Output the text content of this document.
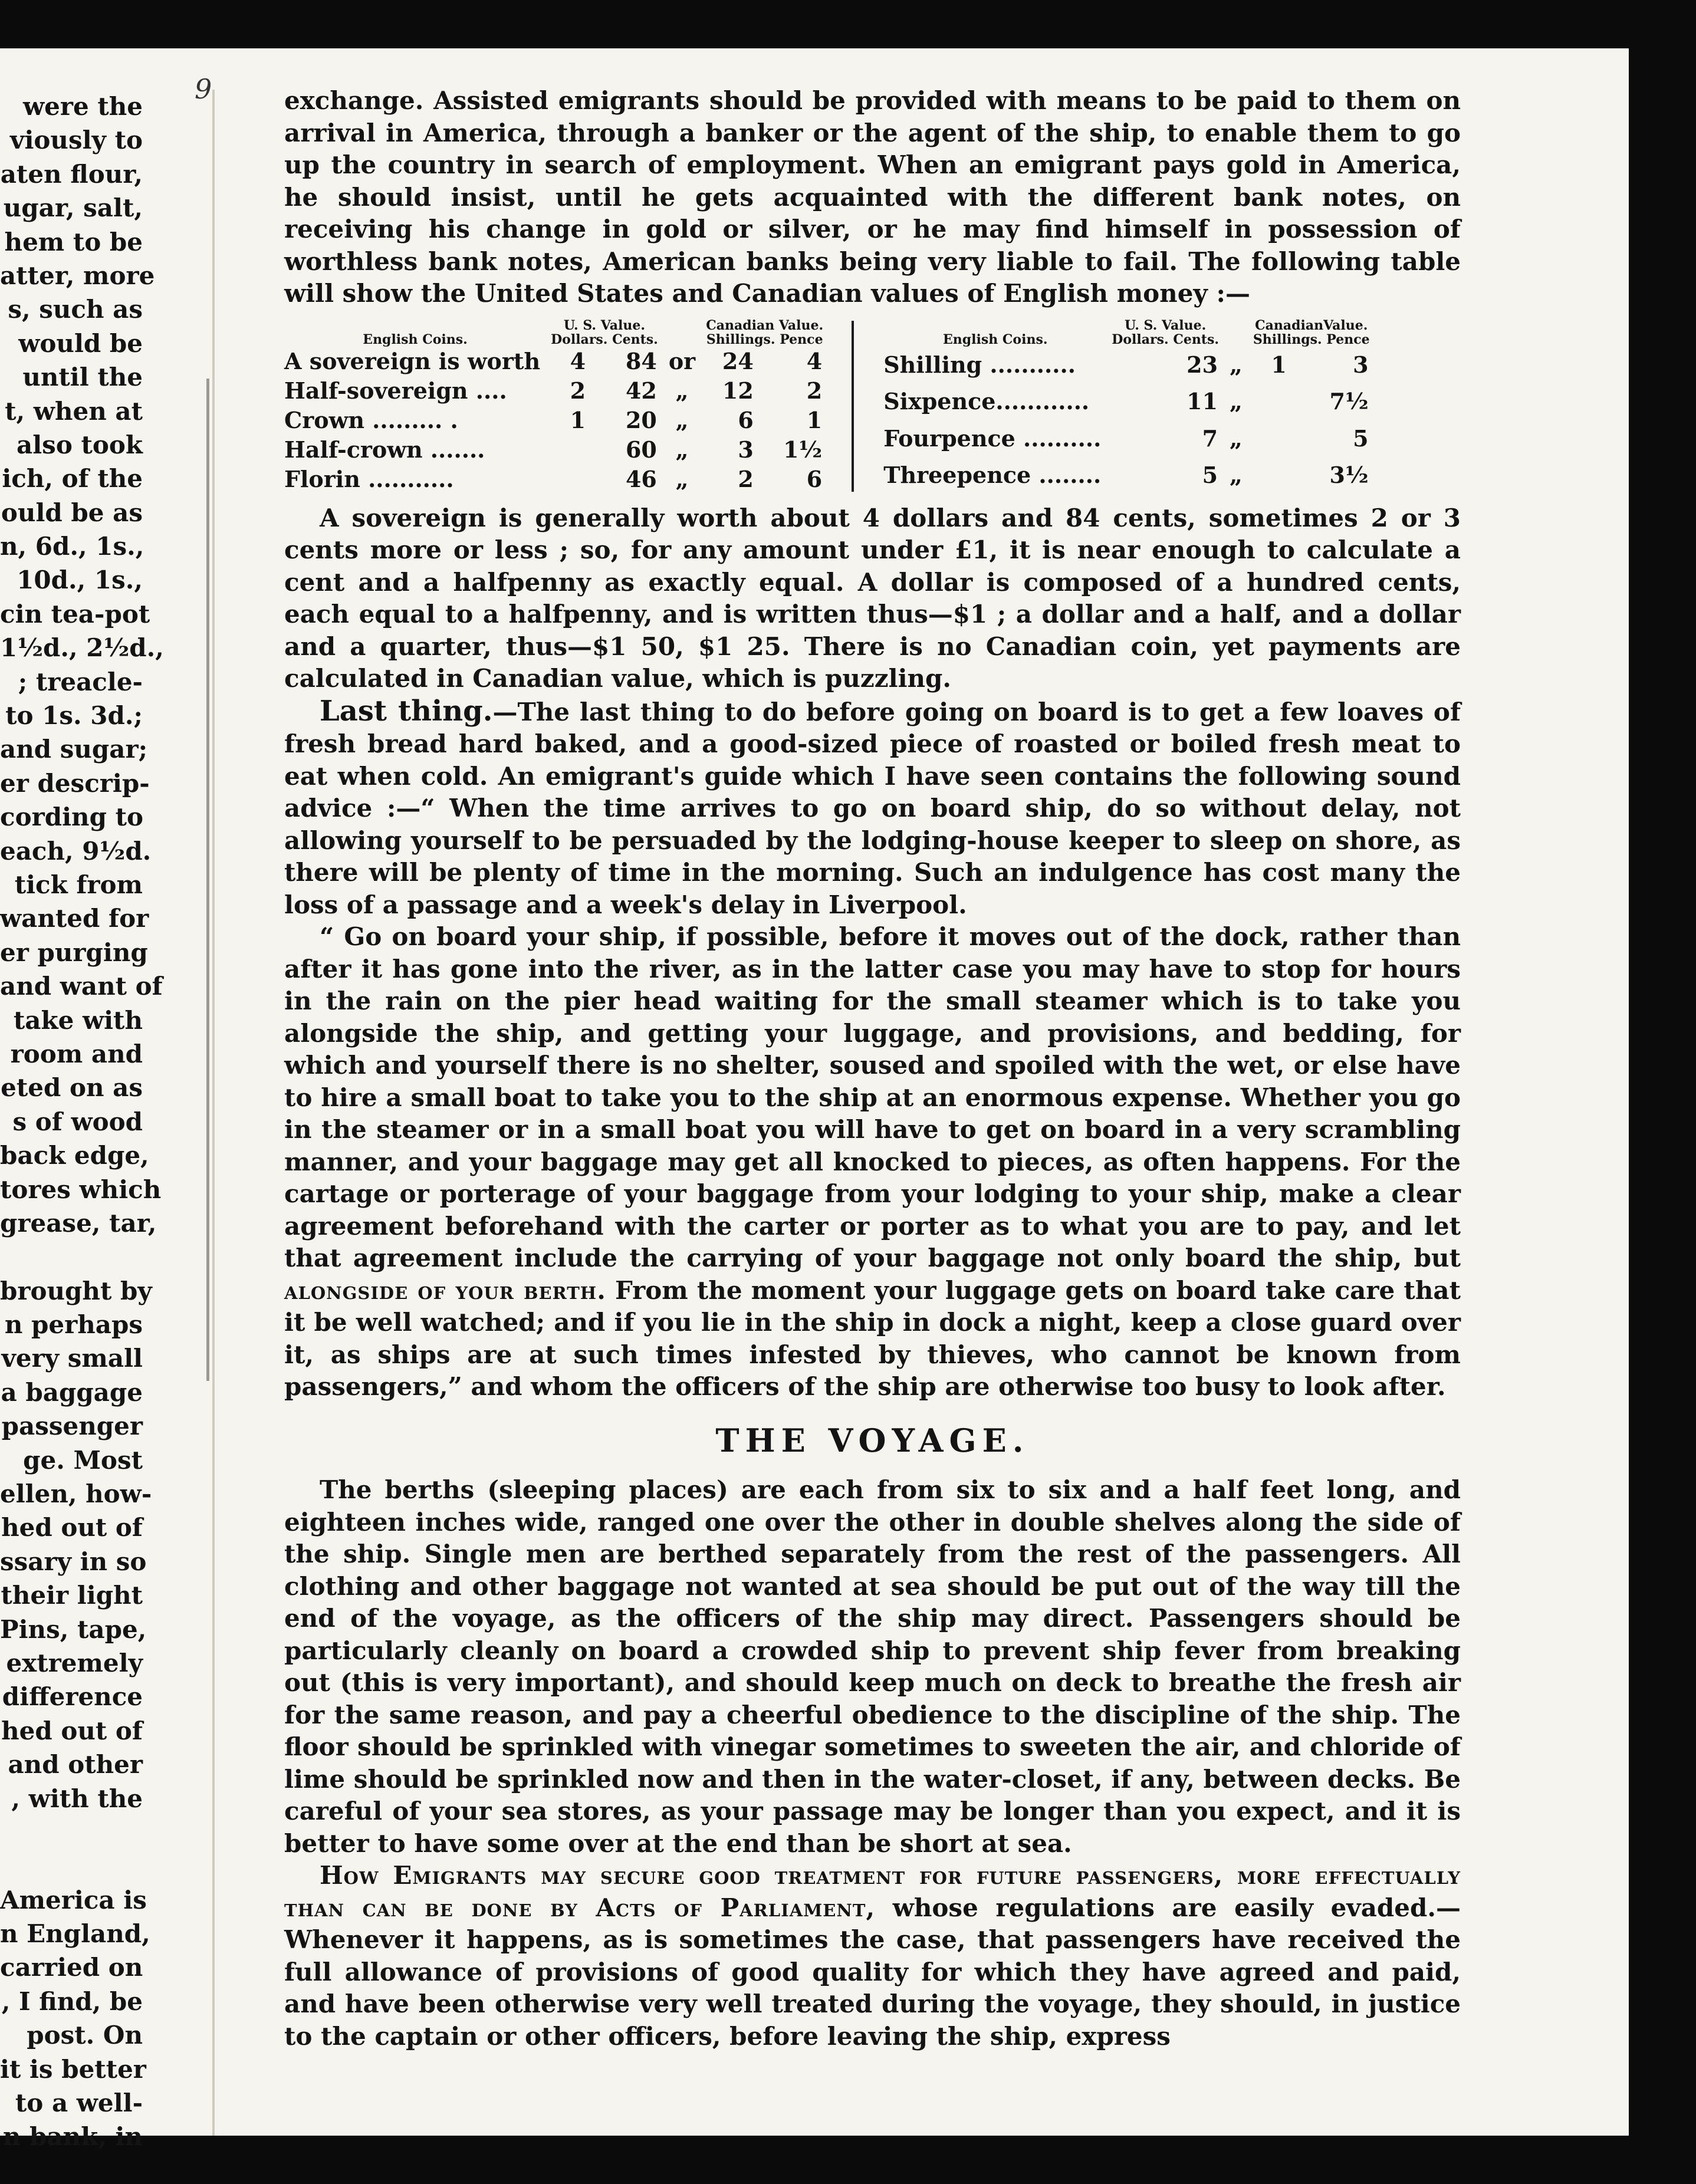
9
were the
viously to
aten flour,
ugar, salt,
hem to be
atter, more
s, such as
would be
until the
t, when at
also took
ich, of the
ould be as
n, 6d., 1s.,
10d., 1s.,
cin tea-pot
1½d., 2½d.,
; treacle-
to 1s. 3d.;
and sugar;
er descrip-
cording to
each, 9½d.
tick from
wanted for
er purging
and want of
take with
room and
eted on as
s of wood
back edge,
tores which
grease, tar,
brought by
n perhaps
very small
a baggage
passenger
ge. Most
ellen, how-
hed out of
ssary in so
their light
Pins, tape,
extremely
difference
hed out of
and other
, with the
America is
n England,
carried on
, I find, be
post. On
it is better
to a well-
n bank, in

exchange. Assisted emigrants should be provided with means to be paid to them on arrival in America, through a banker or the agent of the ship, to enable them to go up the country in search of employment. When an emigrant pays gold in America, he should insist, until he gets acquainted with the different bank notes, on receiving his change in gold or silver, or he may find himself in possession of worthless bank notes, American banks being very liable to fail. The following table will show the United States and Canadian values of English money :—

English Coins.	U. S. Value.			Canadian Value.	
	Dollars. Cents.			Shillings. Pence	
A sovereign is worth	4	84	or	24	4
Half-sovereign ....	2	42	„	12	2
Crown ......... .	1	20	„	6	1
Half-crown .......		60	„	3	1½
Florin ...........		46	„	2	6
English Coins.	U. S. Value.			CanadianValue.	
	Dollars. Cents.			Shillings. Pence	
Shilling ...........		23	„	1	3
Sixpence............		11	„		7½
Fourpence ..........		7	„		5
Threepence ........		5	„		3½

A sovereign is generally worth about 4 dollars and 84 cents, sometimes 2 or 3 cents more or less ; so, for any amount under £1, it is near enough to calculate a cent and a halfpenny as exactly equal. A dollar is composed of a hundred cents, each equal to a halfpenny, and is written thus—$1 ; a dollar and a half, and a dollar and a quarter, thus—$1 50, $1 25. There is no Canadian coin, yet payments are calculated in Canadian value, which is puzzling.

Last thing.—The last thing to do before going on board is to get a few loaves of fresh bread hard baked, and a good-sized piece of roasted or boiled fresh meat to eat when cold. An emigrant's guide which I have seen contains the following sound advice :—“ When the time arrives to go on board ship, do so without delay, not allowing yourself to be persuaded by the lodging-house keeper to sleep on shore, as there will be plenty of time in the morning. Such an indulgence has cost many the loss of a passage and a week's delay in Liverpool.

“ Go on board your ship, if possible, before it moves out of the dock, rather than after it has gone into the river, as in the latter case you may have to stop for hours in the rain on the pier head waiting for the small steamer which is to take you alongside the ship, and getting your luggage, and provisions, and bedding, for which and yourself there is no shelter, soused and spoiled with the wet, or else have to hire a small boat to take you to the ship at an enormous expense. Whether you go in the steamer or in a small boat you will have to get on board in a very scrambling manner, and your baggage may get all knocked to pieces, as often happens. For the cartage or porterage of your baggage from your lodging to your ship, make a clear agreement beforehand with the carter or porter as to what you are to pay, and let that agreement include the carrying of your baggage not only board the ship, but alongside of your berth. From the moment your luggage gets on board take care that it be well watched; and if you lie in the ship in dock a night, keep a close guard over it, as ships are at such times infested by thieves, who cannot be known from passengers,” and whom the officers of the ship are otherwise too busy to look after.

THE VOYAGE.

The berths (sleeping places) are each from six to six and a half feet long, and eighteen inches wide, ranged one over the other in double shelves along the side of the ship. Single men are berthed separately from the rest of the passengers. All clothing and other baggage not wanted at sea should be put out of the way till the end of the voyage, as the officers of the ship may direct. Passengers should be particularly cleanly on board a crowded ship to prevent ship fever from breaking out (this is very important), and should keep much on deck to breathe the fresh air for the same reason, and pay a cheerful obedience to the discipline of the ship. The floor should be sprinkled with vinegar sometimes to sweeten the air, and chloride of lime should be sprinkled now and then in the water-closet, if any, between decks. Be careful of your sea stores, as your passage may be longer than you expect, and it is better to have some over at the end than be short at sea.

How Emigrants may secure good treatment for future passengers, more effectually than can be done by Acts of Parliament, whose regulations are easily evaded.—Whenever it happens, as is sometimes the case, that passengers have received the full allowance of provisions of good quality for which they have agreed and paid, and have been otherwise very well treated during the voyage, they should, in justice to the captain or other officers, before leaving the ship, express
